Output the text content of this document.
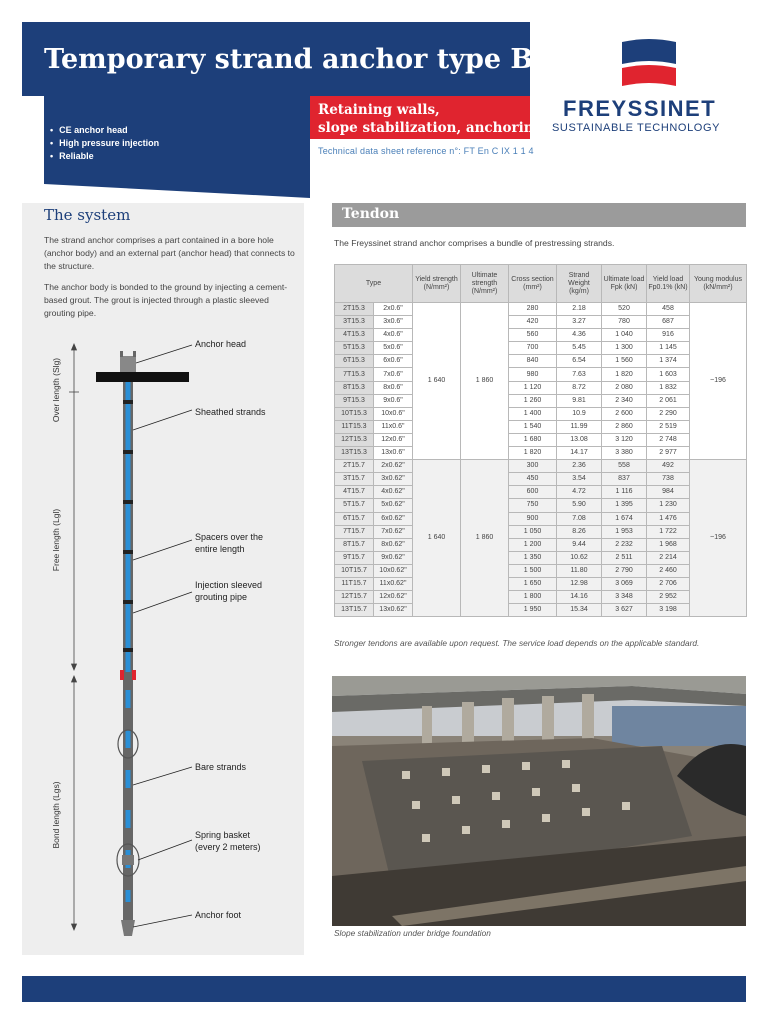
Temporary strand anchor type B
• CE anchor head
• High pressure injection
• Reliable
Retaining walls,
slope stabilization, anchoring
Technical data sheet reference n°: FT En C IX 1 1 4
FREYSSINET
SUSTAINABLE TECHNOLOGY
The system
The strand anchor comprises a part contained in a bore hole (anchor body) and an external part (anchor head) that connects to the structure.
The anchor body is bonded to the ground by injecting a cement-based grout. The grout is injected through a plastic sleeved grouting pipe.
Over length (Slg)
Free length (Lgl)
Bond length (Lgs)
Anchor head
Sheathed strands
Spacers over the
entire length
Injection sleeved
grouting pipe
Bare strands
Spring basket
(every 2 meters)
Anchor foot
Tendon
The Freyssinet strand anchor comprises a bundle of prestressing strands.
Type		Yield strength (N/mm²)	Ultimate strength (N/mm²)	Cross section (mm²)	Strand Weight (kg/m)	Ultimate load Fpk (kN)	Yield load Fp0.1% (kN)	Young modulus (kN/mm²)
2T15.3	2x0.6"	1 640	1 860	280	2.18	520	458	~196
3T15.3	3x0.6"			420	3.27	780	687	
4T15.3	4x0.6"			560	4.36	1 040	916	
5T15.3	5x0.6"			700	5.45	1 300	1 145	
6T15.3	6x0.6"			840	6.54	1 560	1 374	
7T15.3	7x0.6"			980	7.63	1 820	1 603	
8T15.3	8x0.6"			1 120	8.72	2 080	1 832	
9T15.3	9x0.6"			1 260	9.81	2 340	2 061	
10T15.3	10x0.6"			1 400	10.9	2 600	2 290	
11T15.3	11x0.6"			1 540	11.99	2 860	2 519	
12T15.3	12x0.6"			1 680	13.08	3 120	2 748	
13T15.3	13x0.6"			1 820	14.17	3 380	2 977	
2T15.7	2x0.62"	1 640	1 860	300	2.36	558	492	~196
3T15.7	3x0.62"			450	3.54	837	738	
4T15.7	4x0.62"			600	4.72	1 116	984	
5T15.7	5x0.62"			750	5.90	1 395	1 230	
6T15.7	6x0.62"			900	7.08	1 674	1 476	
7T15.7	7x0.62"			1 050	8.26	1 953	1 722	
8T15.7	8x0.62"			1 200	9.44	2 232	1 968	
9T15.7	9x0.62"			1 350	10.62	2 511	2 214	
10T15.7	10x0.62"			1 500	11.80	2 790	2 460	
11T15.7	11x0.62"			1 650	12.98	3 069	2 706	
12T15.7	12x0.62"			1 800	14.16	3 348	2 952	
13T15.7	13x0.62"			1 950	15.34	3 627	3 198	
Stronger tendons are available upon request. The service load depends on the applicable standard.
Slope stabilization under bridge foundation
